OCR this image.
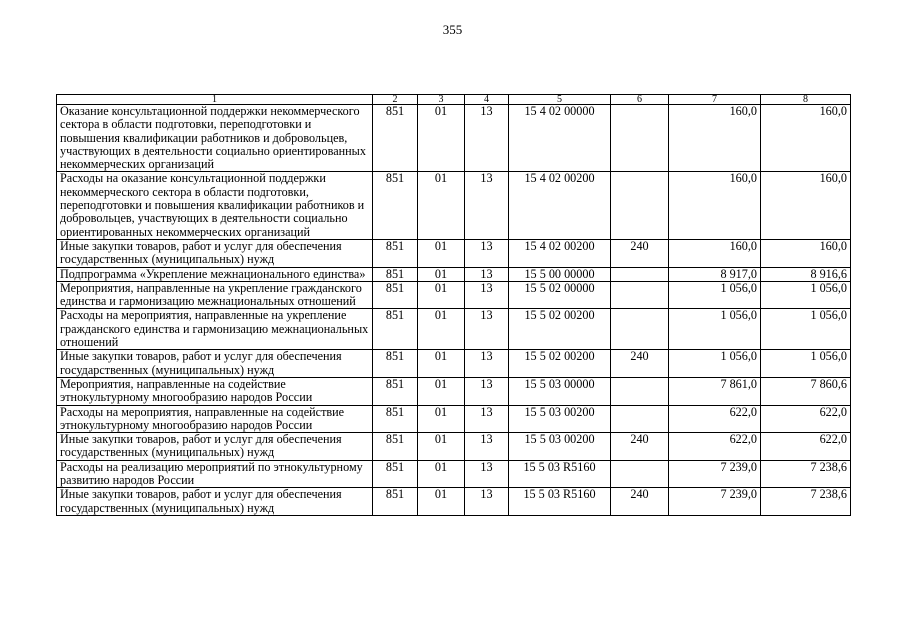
355
1	2	3	4	5	6	7	8
Оказание консультационной поддержки некоммерческого сектора в области подготовки, переподготовки и повышения квалификации работников и добровольцев, участвующих в деятельности социально ориентированных некоммерческих организаций	851	01	13	15 4 02 00000		160,0	160,0
Расходы на оказание консультационной поддержки некоммерческого сектора в области подготовки, переподготовки и повышения квалификации работников и добровольцев, участвующих в деятельности социально ориентированных некоммерческих организаций	851	01	13	15 4 02 00200		160,0	160,0
Иные закупки товаров, работ и услуг для обеспечения государственных (муниципальных) нужд	851	01	13	15 4 02 00200	240	160,0	160,0
Подпрограмма «Укрепление межнационального единства»	851	01	13	15 5 00 00000		8 917,0	8 916,6
Мероприятия, направленные на укрепление гражданского единства и гармонизацию межнациональных отношений	851	01	13	15 5 02 00000		1 056,0	1 056,0
Расходы на мероприятия, направленные на укрепление гражданского единства и гармонизацию межнациональных отношений	851	01	13	15 5 02 00200		1 056,0	1 056,0
Иные закупки товаров, работ и услуг для обеспечения государственных (муниципальных) нужд	851	01	13	15 5 02 00200	240	1 056,0	1 056,0
Мероприятия, направленные на содействие этнокультурному многообразию народов России	851	01	13	15 5 03 00000		7 861,0	7 860,6
Расходы на мероприятия, направленные на содействие этнокультурному многообразию народов России	851	01	13	15 5 03 00200		622,0	622,0
Иные закупки товаров, работ и услуг для обеспечения государственных (муниципальных) нужд	851	01	13	15 5 03 00200	240	622,0	622,0
Расходы на реализацию мероприятий по этнокультурному развитию народов России	851	01	13	15 5 03 R5160		7 239,0	7 238,6
Иные закупки товаров, работ и услуг для обеспечения государственных (муниципальных) нужд	851	01	13	15 5 03 R5160	240	7 239,0	7 238,6
